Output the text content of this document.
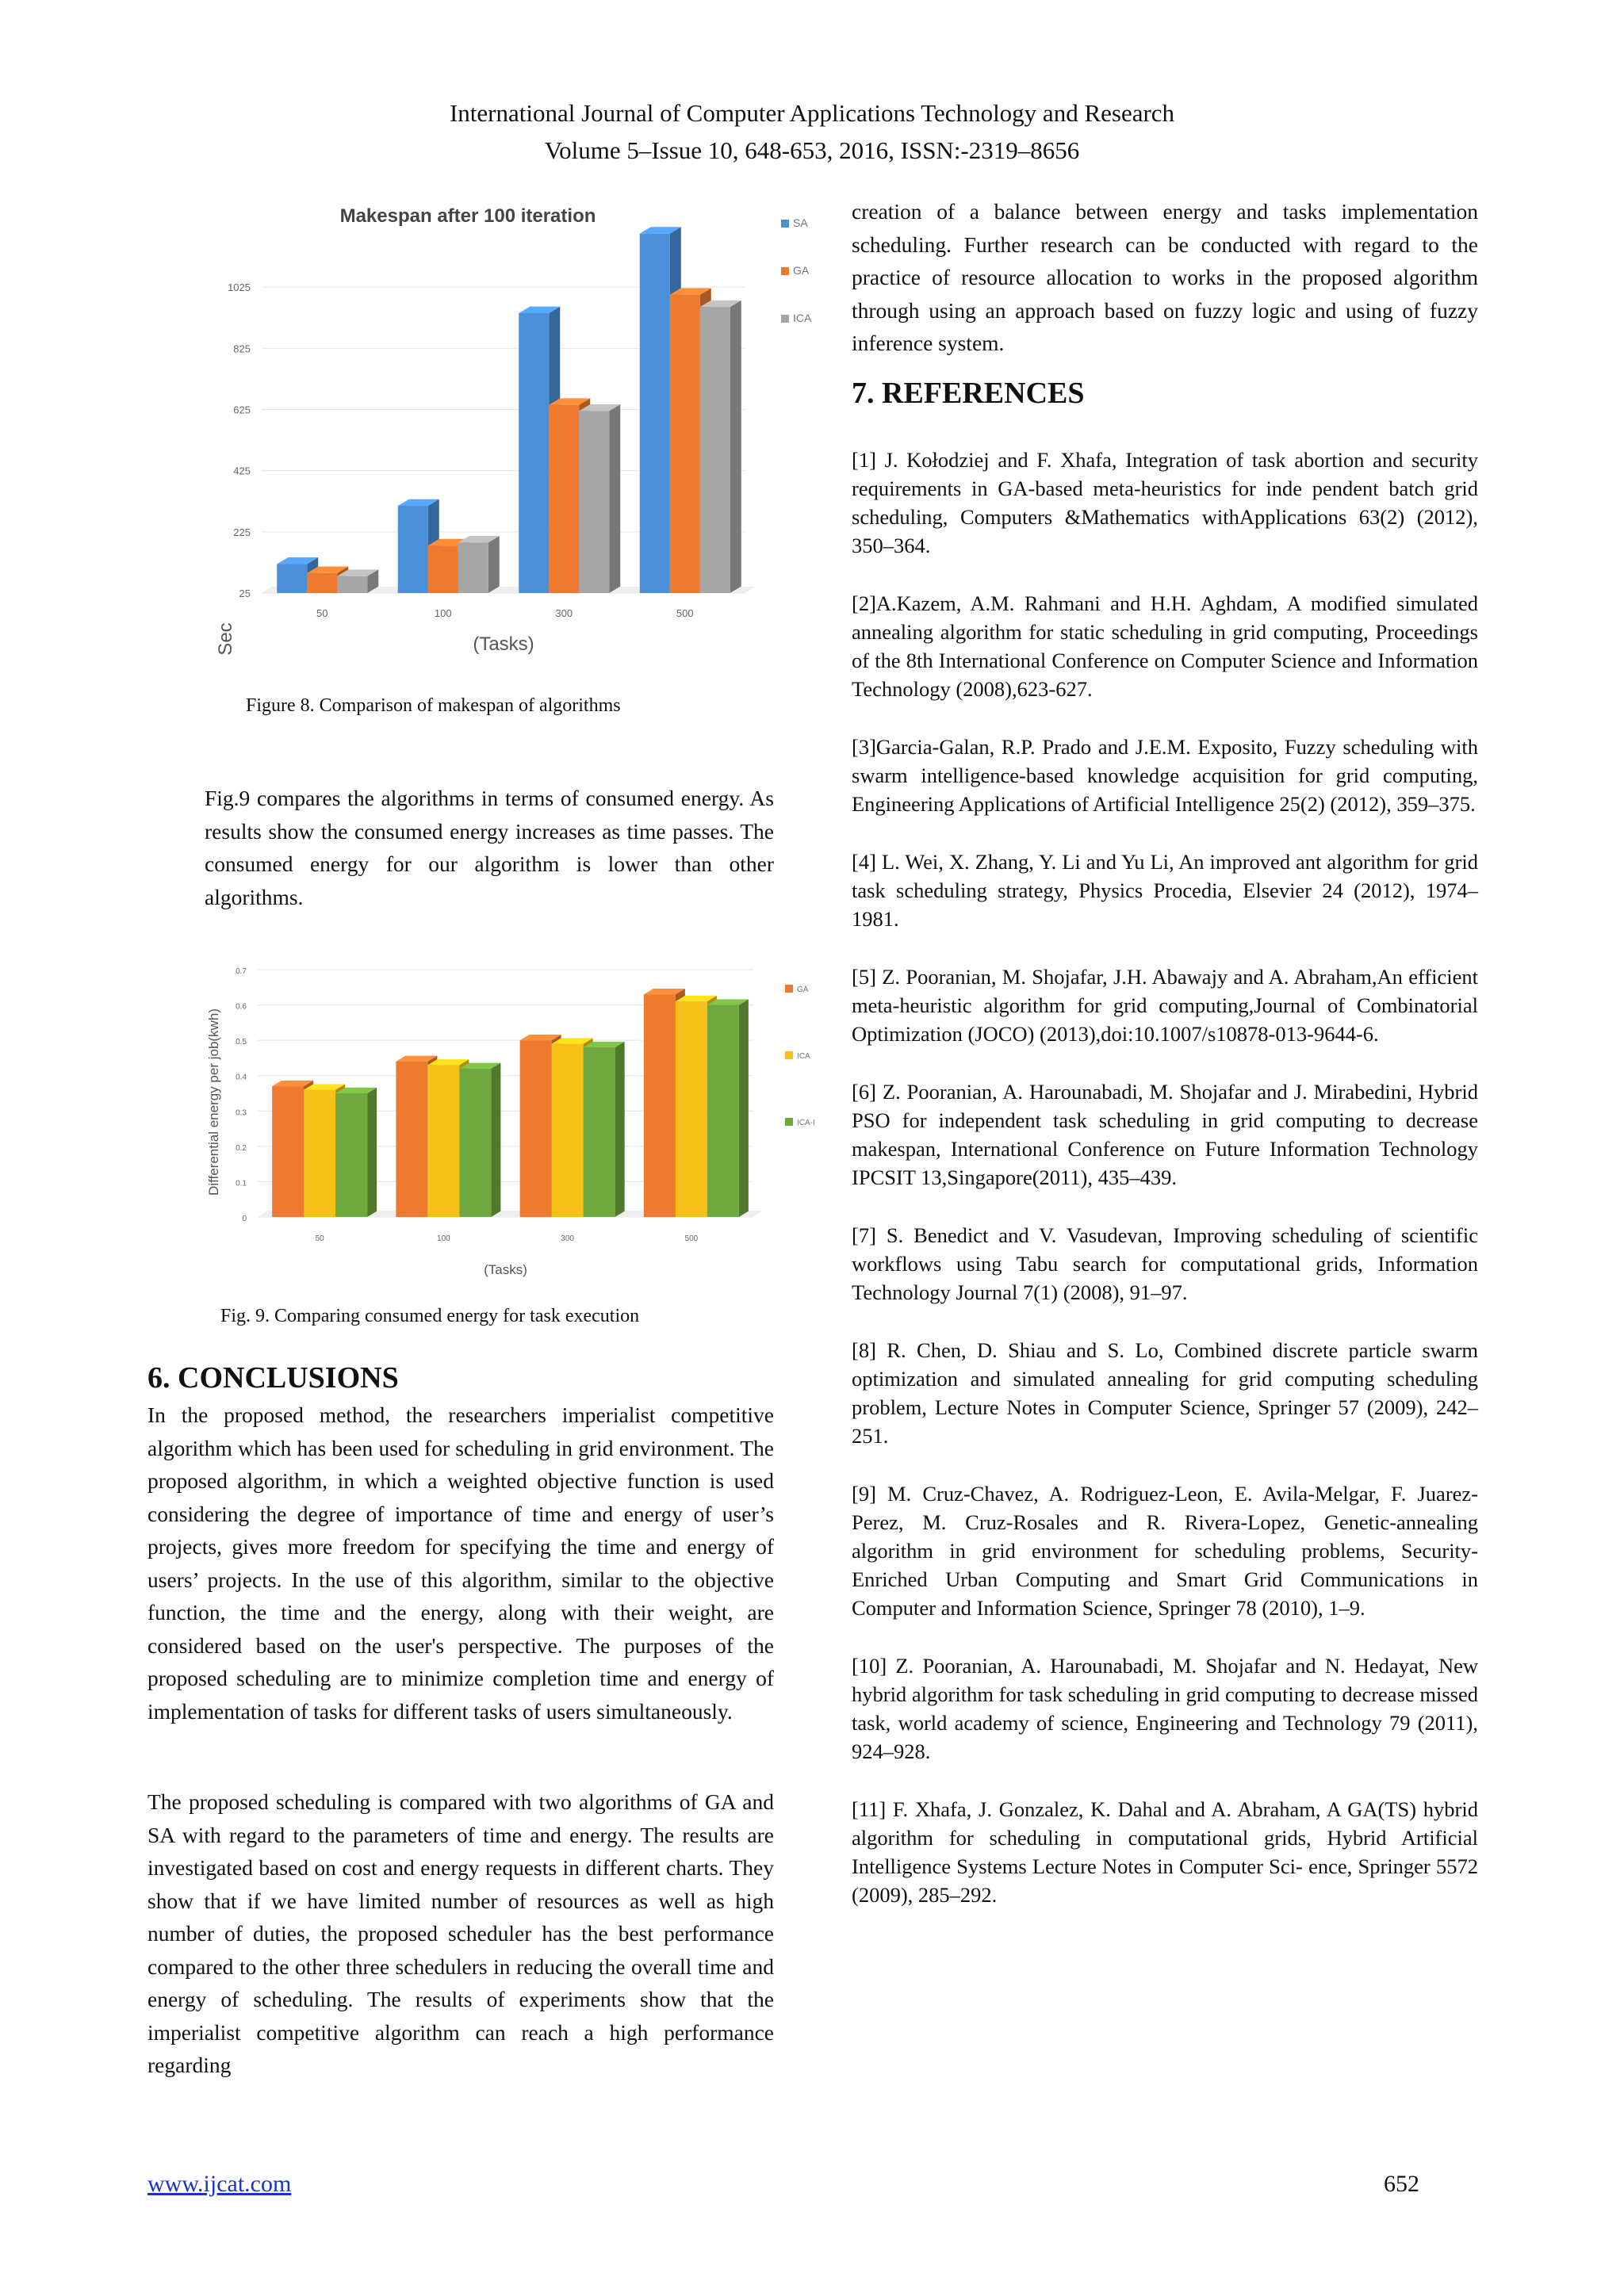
International Journal of Computer Applications Technology and Research
Volume 5–Issue 10, 648-653, 2016, ISSN:-2319–8656
25
225
425
625
825
1025
50	100	300	500
SA
GA
ICA
(Tasks)
Sec
Makespan after 100 iteration
Figure 8. Comparison of makespan of algorithms
Fig.9 compares the algorithms in terms of consumed energy. As results show the consumed energy increases as time passes. The consumed energy for our algorithm is lower than other algorithms.
0
0.1
0.2
0.3
0.4
0.5
0.6
0.7
50	100	300	500
GA
ICA
ICA-I
(Tasks)
Differential energy per job(kwh)
Fig. 9. Comparing consumed energy for task execution
6. CONCLUSIONS
In the proposed method, the researchers imperialist competitive algorithm which has been used for scheduling in grid environment. The proposed algorithm, in which a weighted objective function is used considering the degree of importance of time and energy of user’s projects, gives more freedom for specifying the time and energy of users’ projects. In the use of this algorithm, similar to the objective function, the time and the energy, along with their weight, are considered based on the user's perspective. The purposes of the proposed scheduling are to minimize completion time and energy of implementation of tasks for different tasks of users simultaneously.
The proposed scheduling is compared with two algorithms of GA and SA with regard to the parameters of time and energy. The results are investigated based on cost and energy requests in different charts. They show that if we have limited number of resources as well as high number of duties, the proposed scheduler has the best performance compared to the other three schedulers in reducing the overall time and energy of scheduling. The results of experiments show that the imperialist competitive algorithm can reach a high performance regarding
creation of a balance between energy and tasks implementation scheduling. Further research can be conducted with regard to the practice of resource allocation to works in the proposed algorithm through using an approach based on fuzzy logic and using of fuzzy inference system.
7. REFERENCES
[1] J. Kołodziej and F. Xhafa, Integration of task abortion and security requirements in GA-based meta-heuristics for inde pendent batch grid scheduling, Computers &Mathematics withApplications 63(2) (2012), 350–364.
[2]A.Kazem, A.M. Rahmani and H.H. Aghdam, A modified simulated annealing algorithm for static scheduling in grid computing, Proceedings of the 8th International Conference on Computer Science and Information Technology (2008),623-627.
[3]Garcia-Galan, R.P. Prado and J.E.M. Exposito, Fuzzy scheduling with swarm intelligence-based knowledge acquisition for grid computing, Engineering Applications of Artificial Intelligence 25(2) (2012), 359–375.
[4] L. Wei, X. Zhang, Y. Li and Yu Li, An improved ant algorithm for grid task scheduling strategy, Physics Procedia, Elsevier 24 (2012), 1974–1981.
[5] Z. Pooranian, M. Shojafar, J.H. Abawajy and A. Abraham,An efficient meta-heuristic algorithm for grid computing,Journal of Combinatorial Optimization (JOCO) (2013),doi:10.1007/s10878-013-9644-6.
[6] Z. Pooranian, A. Harounabadi, M. Shojafar and J. Mirabedini, Hybrid PSO for independent task scheduling in grid computing to decrease makespan, International Conference on Future Information Technology IPCSIT 13,Singapore(2011), 435–439.
[7] S. Benedict and V. Vasudevan, Improving scheduling of scientific workflows using Tabu search for computational grids, Information Technology Journal 7(1) (2008), 91–97.
[8] R. Chen, D. Shiau and S. Lo, Combined discrete particle swarm optimization and simulated annealing for grid computing scheduling problem, Lecture Notes in Computer Science, Springer 57 (2009), 242–251.
[9] M. Cruz-Chavez, A. Rodriguez-Leon, E. Avila-Melgar, F. Juarez-Perez, M. Cruz-Rosales and R. Rivera-Lopez, Genetic-annealing algorithm in grid environment for scheduling problems, Security-Enriched Urban Computing and Smart Grid Communications in Computer and Information Science, Springer 78 (2010), 1–9.
[10] Z. Pooranian, A. Harounabadi, M. Shojafar and N. Hedayat, New hybrid algorithm for task scheduling in grid computing to decrease missed task, world academy of science, Engineering and Technology 79 (2011), 924–928.
[11] F. Xhafa, J. Gonzalez, K. Dahal and A. Abraham, A GA(TS) hybrid algorithm for scheduling in computational grids, Hybrid Artificial Intelligence Systems Lecture Notes in Computer Sci- ence, Springer 5572 (2009), 285–292.
www.ijcat.com	652
